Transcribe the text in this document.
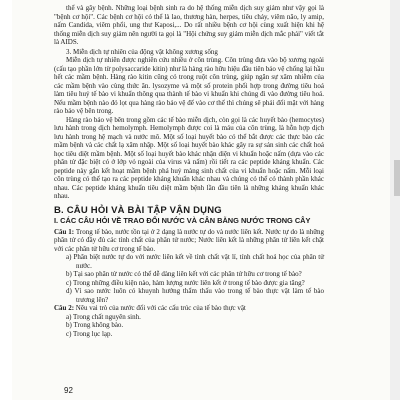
thể và gây bệnh. Những loại bệnh sinh ra do hệ thống miễn dịch suy giảm như vậy gọi là "bệnh cơ hội". Các bệnh cơ hội có thể là lao, thương hàn, herpes, tiêu chảy, viêm não, ly amip, nấm Candida, viêm phổi, ung thư Kaposi,... Do rất nhiều bệnh cơ hội cùng xuất hiện khi hệ thống miễn dịch suy giảm nên người ta gọi là "Hội chứng suy giảm miễn dịch mắc phải" viết tắt là AIDS.

3. Miễn dịch tự nhiên của động vật không xương sống

Miễn dịch tự nhiên được nghiên cứu nhiều ở côn trùng. Côn trùng đưa vào bộ xương ngoài (cấu tạo phần lớn từ polysaccaride kitin) như là hàng rào hữu hiệu đầu tiên bảo vệ chống lại hầu hết các mầm bệnh. Hàng rào kitin cũng có trong ruột côn trùng, giúp ngăn sự xâm nhiễm của các mầm bệnh vào cùng thức ăn. lysozyme và một số protein phối hợp trong đường tiêu hoá làm tiêu huỷ tế bào vi khuẩn thông qua thành tế bào vi khuẩn khi chúng đi vào đường tiêu hoá. Nếu mầm bệnh nào đó lọt qua hàng rào bảo vệ để vào cơ thể thì chúng sẽ phải đối mặt với hàng rào bảo vệ bên trong.

Hàng rào bảo vệ bên trong gồm các tế bào miễn dịch, còn gọi là các huyết bào (hemocytes) lưu hành trong dịch hemolymph. Hemolymph được coi là máu của côn trùng, là hỗn hợp dịch lưu hành trong hệ mạch và nước mô. Một số loại huyết bào có thể bắt được các thực bào các mầm bệnh và các chất lạ xâm nhập. Một số loại huyết bào khác gây ra sự sản sinh các chất hoá học tiêu diệt mầm bệnh. Một số loại huyết bào khác nhận diện vi khuẩn hoặc nấm (dựa vào các phân tử đặc biệt có ở lớp vỏ ngoài của virus và nấm) rồi tiết ra các peptide kháng khuẩn. Các peptide này gắn kết hoạt mầm bệnh phá huỷ màng sinh chất của vi khuẩn hoặc nấm. Mỗi loại côn trùng có thể tạo ra các peptide kháng khuẩn khác nhau và chúng có thể có thành phần khác nhau. Các peptide kháng khuẩn tiêu diệt mầm bệnh lần đầu tiên là những kháng khuẩn khác nhau.

B. CÂU HỎI VÀ BÀI TẬP VẬN DỤNG

I. CÁC CÂU HỎI VỀ TRAO ĐỔI NƯỚC VÀ CÂN BẰNG NƯỚC TRONG CÂY

Câu 1: Trong tế bào, nước tồn tại ở 2 dạng là nước tự do và nước liên kết. Nước tự do là những phân tử có đầy đủ các tính chất của phân tử nước; Nước liên kết là những phân tử liên kết chặt với các phân tử hữu cơ trong tế bào.

a) Phân biệt nước tự do với nước liên kết về tính chất vật lí, tính chất hoá học của phân tử nước.

b) Tại sao phân tử nước có thể dễ dàng liên kết với các phân tử hữu cơ trong tế bào?

c) Trong những điều kiện nào, hàm lượng nước liên kết ở trong tế bào được gia tăng?

d) Vì sao nước luôn có khuynh hướng thẩm thấu vào trong tế bào thực vật làm tế bào trương lên?

Câu 2: Nêu vai trò của nước đối với các cấu trúc của tế bào thực vật

a) Trong chất nguyên sinh.

b) Trong không bào.

c) Trong lục lạp.

92
